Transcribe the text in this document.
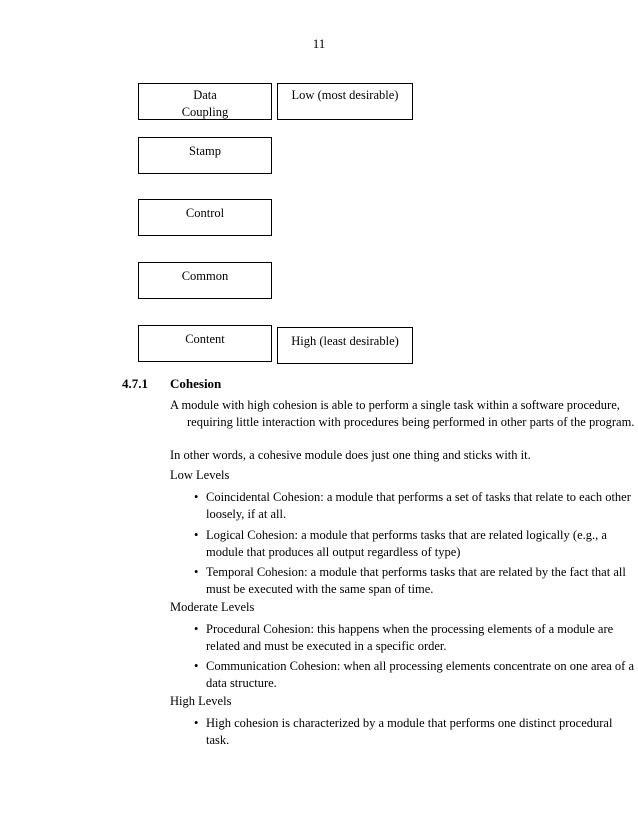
11
Data
Coupling
Low (most desirable)
Stamp
Control
Common
Content	High (least desirable)
4.7.1 Cohesion
A module with high cohesion is able to perform a single task within a software procedure, requiring little interaction with procedures being performed in other parts of the program.
In other words, a cohesive module does just one thing and sticks with it.
Low Levels
• Coincidental Cohesion: a module that performs a set of tasks that relate to each other loosely, if at all.
• Logical Cohesion: a module that performs tasks that are related logically (e.g., a module that produces all output regardless of type)
• Temporal Cohesion: a module that performs tasks that are related by the fact that all must be executed with the same span of time.
Moderate Levels
• Procedural Cohesion: this happens when the processing elements of a module are related and must be executed in a specific order.
• Communication Cohesion: when all processing elements concentrate on one area of a data structure.
High Levels
• High cohesion is characterized by a module that performs one distinct procedural task.
